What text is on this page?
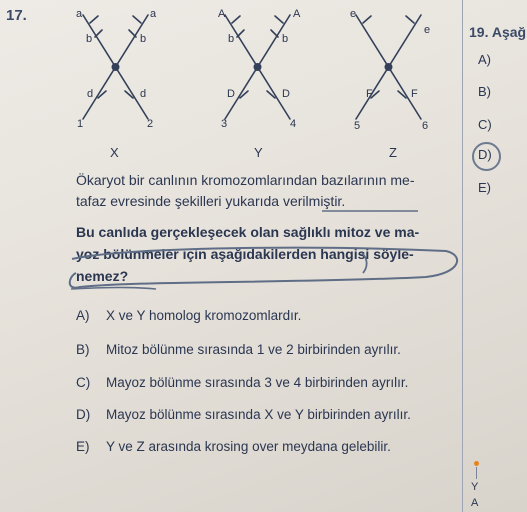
17.	a	a
b	b
d	d
1	2
X
A	A
b	b
D	D
3	4
Y
e
e
F	F
5	6
Z
Ökaryot bir canlının kromozomlarından bazılarının me-
tafaz evresinde şekilleri yukarıda verilmiştir.
Bu canlıda gerçekleşecek olan sağlıklı mitoz ve ma-
yoz bölünmeler için aşağıdakilerden hangisi söyle-
nemez?
A) X ve Y homolog kromozomlardır.
B) Mitoz bölünme sırasında 1 ve 2 birbirinden ayrılır.
C) Mayoz bölünme sırasında 3 ve 4 birbirinden ayrılır.
D) Mayoz bölünme sırasında X ve Y birbirinden ayrılır.
E) Y ve Z arasında krosing over meydana gelebilir.
19. Aşağ
A)
B)
C)
D)
E)
Y
A
